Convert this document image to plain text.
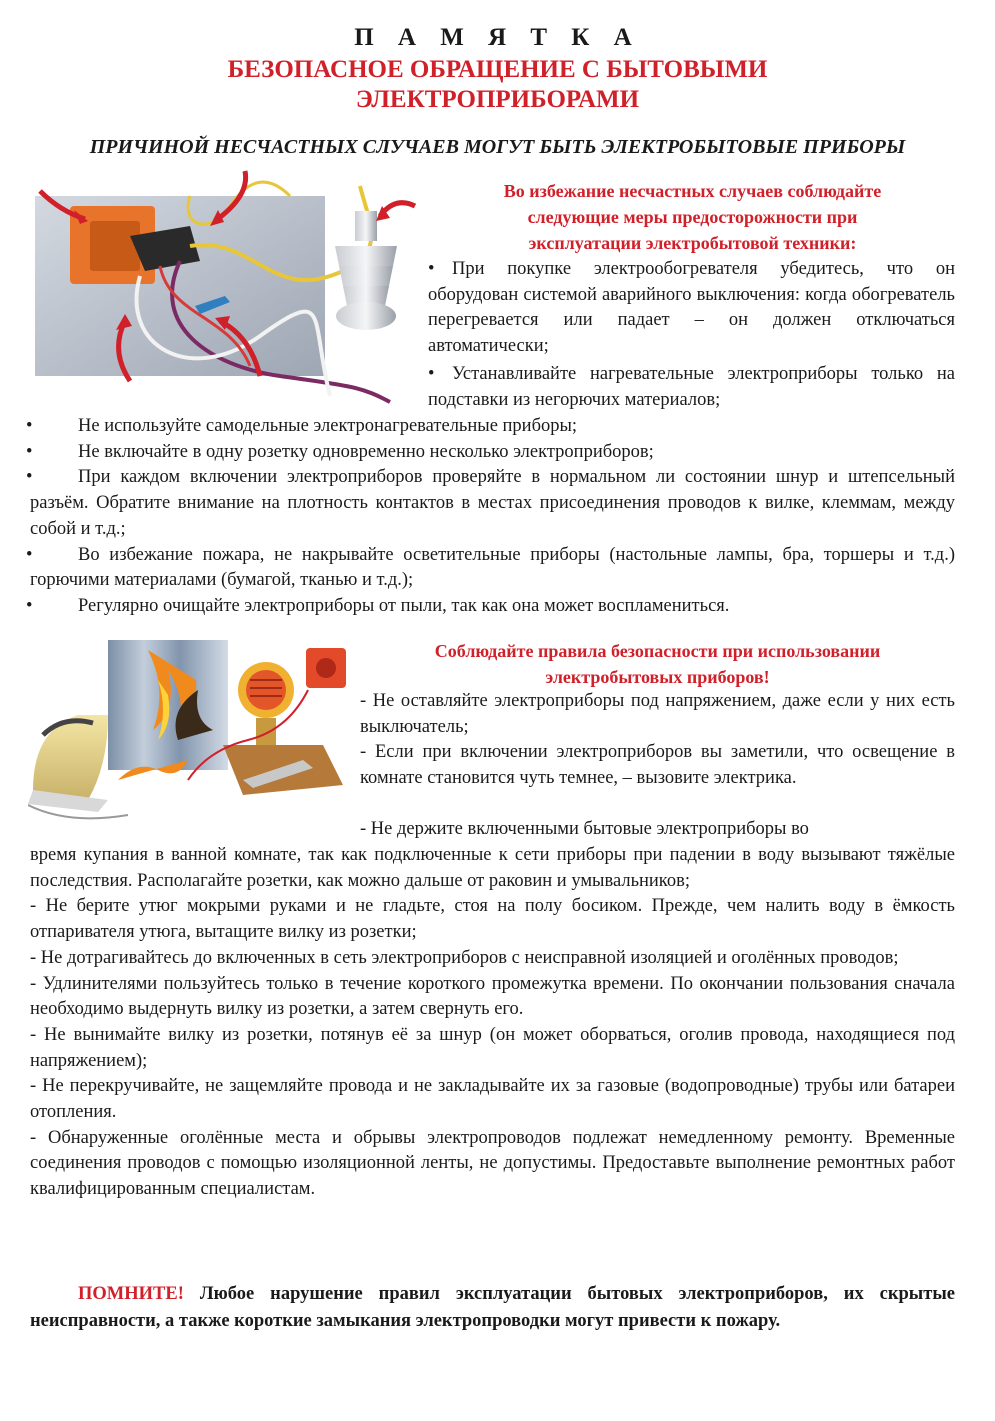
П А М Я Т К А
БЕЗОПАСНОЕ ОБРАЩЕНИЕ С БЫТОВЫМИ
ЭЛЕКТРОПРИБОРАМИ
ПРИЧИНОЙ НЕСЧАСТНЫХ СЛУЧАЕВ МОГУТ БЫТЬ ЭЛЕКТРОБЫТОВЫЕ ПРИБОРЫ
Во избежание несчастных случаев соблюдайте
следующие меры предосторожности при
эксплуатации электробытовой техники:
• При покупке электрообогревателя убедитесь, что он оборудован системой аварийного выключения: когда обогреватель перегревается или падает – он должен отключаться автоматически;
• Устанавливайте нагревательные электроприборы только на подставки из негорючих материалов;
• Не используйте самодельные электронагревательные приборы;
• Не включайте в одну розетку одновременно несколько электроприборов;
• При каждом включении электроприборов проверяйте в нормальном ли состоянии шнур и штепсельный разъём. Обратите внимание на плотность контактов в местах присоединения проводов к вилке, клеммам, между собой и т.д.;
• Во избежание пожара, не накрывайте осветительные приборы (настольные лампы, бра, торшеры и т.д.) горючими материалами (бумагой, тканью и т.д.);
• Регулярно очищайте электроприборы от пыли, так как она может воспламениться.
Соблюдайте правила безопасности при использовании
электробытовых приборов!
- Не оставляйте электроприборы под напряжением, даже если у них есть выключатель;
- Если при включении электроприборов вы заметили, что освещение в комнате становится чуть темнее, – вызовите электрика.
- Не держите включенными бытовые электроприборы во
время купания в ванной комнате, так как подключенные к сети приборы при падении в воду вызывают тяжёлые последствия. Располагайте розетки, как можно дальше от раковин и умывальников;
- Не берите утюг мокрыми руками и не гладьте, стоя на полу босиком. Прежде, чем налить воду в ёмкость отпаривателя утюга, вытащите вилку из розетки;
- Не дотрагивайтесь до включенных в сеть электроприборов с неисправной изоляцией и оголённых проводов;
- Удлинителями пользуйтесь только в течение короткого промежутка времени. По окончании пользования сначала необходимо выдернуть вилку из розетки, а затем свернуть его.
- Не вынимайте вилку из розетки, потянув её за шнур (он может оборваться, оголив провода, находящиеся под напряжением);
- Не перекручивайте, не защемляйте провода и не закладывайте их за газовые (водопроводные) трубы или батареи отопления.
- Обнаруженные оголённые места и обрывы электропроводов подлежат немедленному ремонту. Временные соединения проводов с помощью изоляционной ленты, не допустимы. Предоставьте выполнение ремонтных работ квалифицированным специалистам.
ПОМНИТЕ! Любое нарушение правил эксплуатации бытовых электроприборов, их скрытые неисправности, а также короткие замыкания электропроводки могут привести к пожару.
